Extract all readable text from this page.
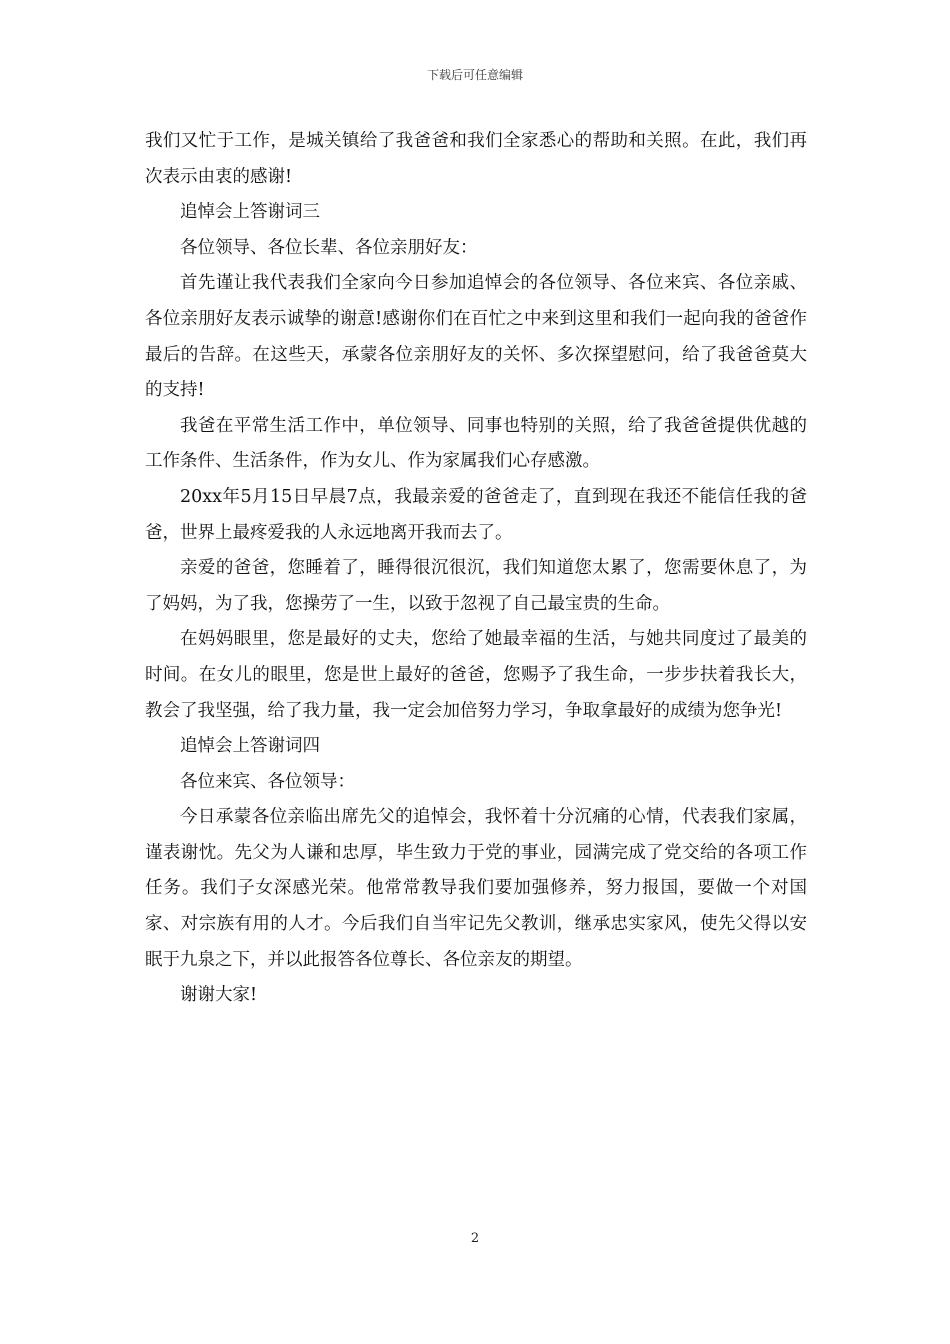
下载后可任意编辑

我们又忙于工作，是城关镇给了我爸爸和我们全家悉心的帮助和关照。在此，我们再次表示由衷的感谢!

追悼会上答谢词三

各位领导、各位长辈、各位亲朋好友：

首先谨让我代表我们全家向今日参加追悼会的各位领导、各位来宾、各位亲戚、各位亲朋好友表示诚挚的谢意!感谢你们在百忙之中来到这里和我们一起向我的爸爸作最后的告辞。在这些天，承蒙各位亲朋好友的关怀、多次探望慰问，给了我爸爸莫大的支持!

我爸在平常生活工作中，单位领导、同事也特别的关照，给了我爸爸提供优越的工作条件、生活条件，作为女儿、作为家属我们心存感激。

20xx年5月15日早晨7点，我最亲爱的爸爸走了，直到现在我还不能信任我的爸爸，世界上最疼爱我的人永远地离开我而去了。

亲爱的爸爸，您睡着了，睡得很沉很沉，我们知道您太累了，您需要休息了，为了妈妈，为了我，您操劳了一生，以致于忽视了自己最宝贵的生命。

在妈妈眼里，您是最好的丈夫，您给了她最幸福的生活，与她共同度过了最美的时间。在女儿的眼里，您是世上最好的爸爸，您赐予了我生命，一步步扶着我长大，教会了我坚强，给了我力量，我一定会加倍努力学习，争取拿最好的成绩为您争光!

追悼会上答谢词四

各位来宾、各位领导：

今日承蒙各位亲临出席先父的追悼会，我怀着十分沉痛的心情，代表我们家属，谨表谢忱。先父为人谦和忠厚，毕生致力于党的事业，园满完成了党交给的各项工作任务。我们子女深感光荣。他常常教导我们要加强修养，努力报国，要做一个对国家、对宗族有用的人才。今后我们自当牢记先父教训，继承忠实家风，使先父得以安眠于九泉之下，并以此报答各位尊长、各位亲友的期望。

谢谢大家!

2
